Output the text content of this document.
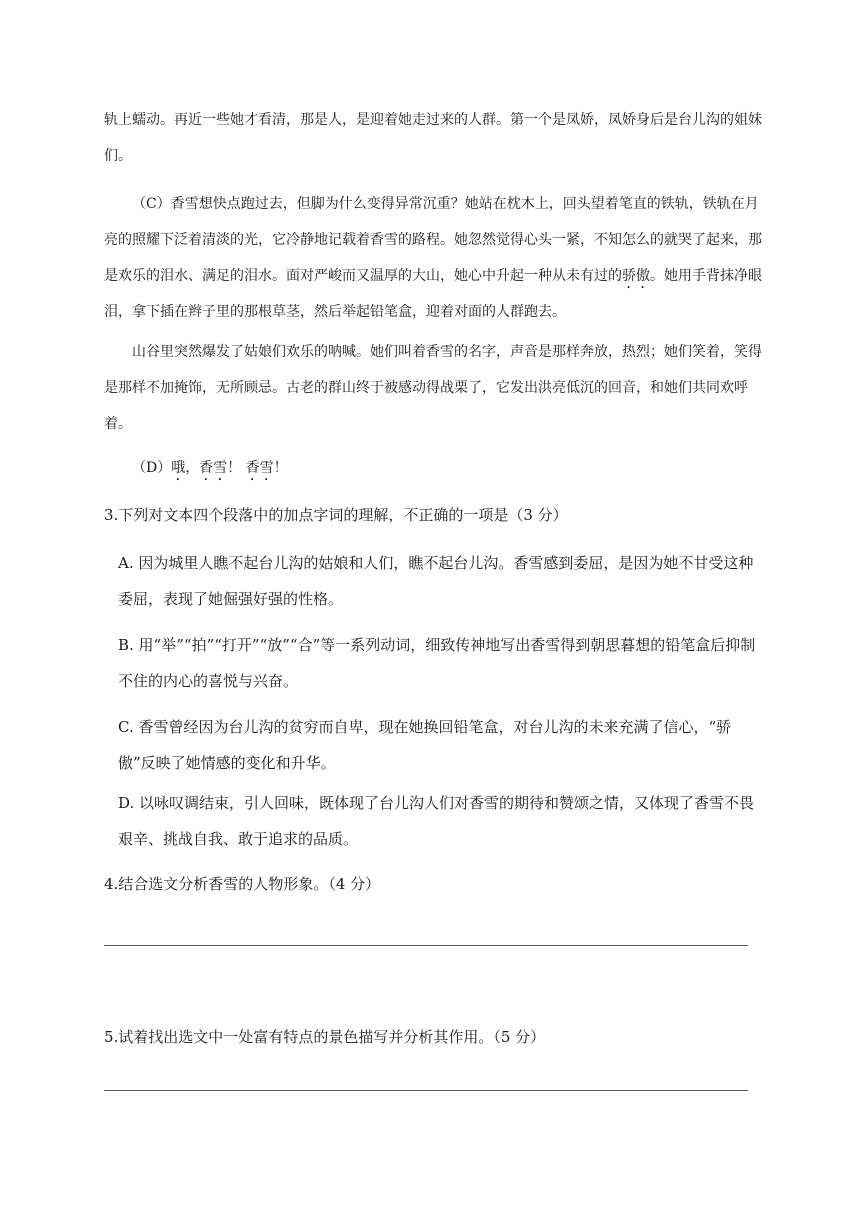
轨上蠕动。再近一些她才看清，那是人，是迎着她走过来的人群。第一个是凤娇，凤娇身后是台儿沟的姐妹们。

（C）香雪想快点跑过去，但脚为什么变得异常沉重？她站在枕木上，回头望着笔直的铁轨，铁轨在月亮的照耀下泛着清淡的光，它冷静地记载着香雪的路程。她忽然觉得心头一紧，不知怎么的就哭了起来，那是欢乐的泪水、满足的泪水。面对严峻而又温厚的大山，她心中升起一种从未有过的骄傲。她用手背抹净眼泪，拿下插在辫子里的那根草茎，然后举起铅笔盒，迎着对面的人群跑去。

山谷里突然爆发了姑娘们欢乐的呐喊。她们叫着香雪的名字，声音是那样奔放，热烈；她们笑着，笑得是那样不加掩饰，无所顾忌。古老的群山终于被感动得战栗了，它发出洪亮低沉的回音，和她们共同欢呼着。

（D）哦，香雪！ 香雪！

3.下列对文本四个段落中的加点字词的理解，不正确的一项是（3 分）

A. 因为城里人瞧不起台儿沟的姑娘和人们，瞧不起台儿沟。香雪感到委屈，是因为她不甘受这种委屈，表现了她倔强好强的性格。

B. 用“举”“拍”“打开”“放”“合”等一系列动词，细致传神地写出香雪得到朝思暮想的铅笔盒后抑制不住的内心的喜悦与兴奋。

C. 香雪曾经因为台儿沟的贫穷而自卑，现在她换回铅笔盒，对台儿沟的未来充满了信心，“骄傲”反映了她情感的变化和升华。

D. 以咏叹调结束，引人回味，既体现了台儿沟人们对香雪的期待和赞颂之情，又体现了香雪不畏艰辛、挑战自我、敢于追求的品质。

4.结合选文分析香雪的人物形象。（4 分）

5.试着找出选文中一处富有特点的景色描写并分析其作用。（5 分）
